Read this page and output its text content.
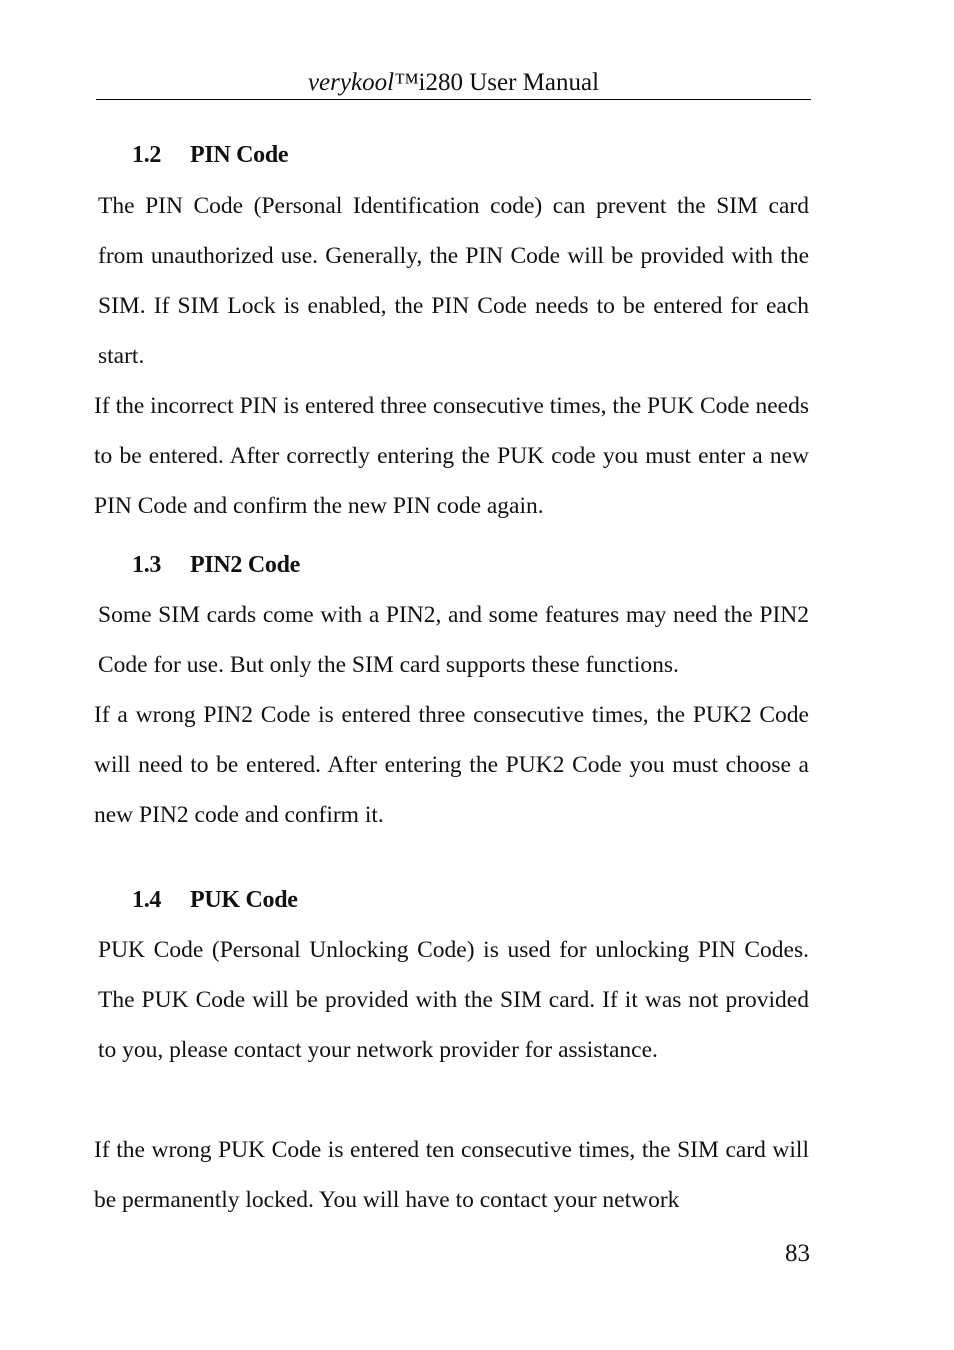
verykool™i280 User Manual
1.2 PIN Code

The PIN Code (Personal Identification code) can prevent the SIM card from unauthorized use. Generally, the PIN Code will be provided with the SIM. If SIM Lock is enabled, the PIN Code needs to be entered for each start.

If the incorrect PIN is entered three consecutive times, the PUK Code needs to be entered. After correctly entering the PUK code you must enter a new PIN Code and confirm the new PIN code again.

1.3 PIN2 Code

Some SIM cards come with a PIN2, and some features may need the PIN2 Code for use. But only the SIM card supports these functions.

If a wrong PIN2 Code is entered three consecutive times, the PUK2 Code will need to be entered. After entering the PUK2 Code you must choose a new PIN2 code and confirm it.

1.4 PUK Code

PUK Code (Personal Unlocking Code) is used for unlocking PIN Codes. The PUK Code will be provided with the SIM card. If it was not provided to you, please contact your network provider for assistance.

If the wrong PUK Code is entered ten consecutive times, the SIM card will be permanently locked. You will have to contact your network

83
